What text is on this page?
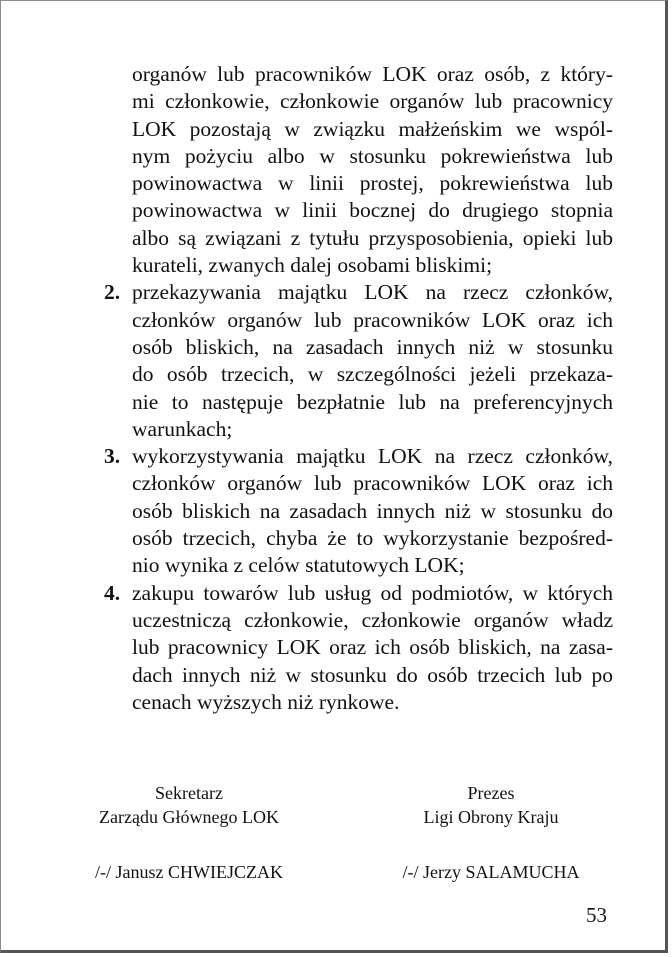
organów lub pracowników LOK oraz osób, z który-
mi członkowie, członkowie organów lub pracownicy
LOK pozostają w związku małżeńskim we wspól-
nym pożyciu albo w stosunku pokrewieństwa lub
powinowactwa w linii prostej, pokrewieństwa lub
powinowactwa w linii bocznej do drugiego stopnia
albo są związani z tytułu przysposobienia, opieki lub
kurateli, zwanych dalej osobami bliskimi;

2. przekazywania majątku LOK na rzecz członków,
członków organów lub pracowników LOK oraz ich
osób bliskich, na zasadach innych niż w stosunku
do osób trzecich, w szczególności jeżeli przekaza-
nie to następuje bezpłatnie lub na preferencyjnych
warunkach;

3. wykorzystywania majątku LOK na rzecz członków,
członków organów lub pracowników LOK oraz ich
osób bliskich na zasadach innych niż w stosunku do
osób trzecich, chyba że to wykorzystanie bezpośred-
nio wynika z celów statutowych LOK;

4. zakupu towarów lub usług od podmiotów, w których
uczestniczą członkowie, członkowie organów władz
lub pracownicy LOK oraz ich osób bliskich, na zasa-
dach innych niż w stosunku do osób trzecich lub po
cenach wyższych niż rynkowe.

Sekretarz
Zarządu Głównego LOK
/-/ Janusz CHWIEJCZAK
Prezes
Ligi Obrony Kraju
/-/ Jerzy SALAMUCHA
53
